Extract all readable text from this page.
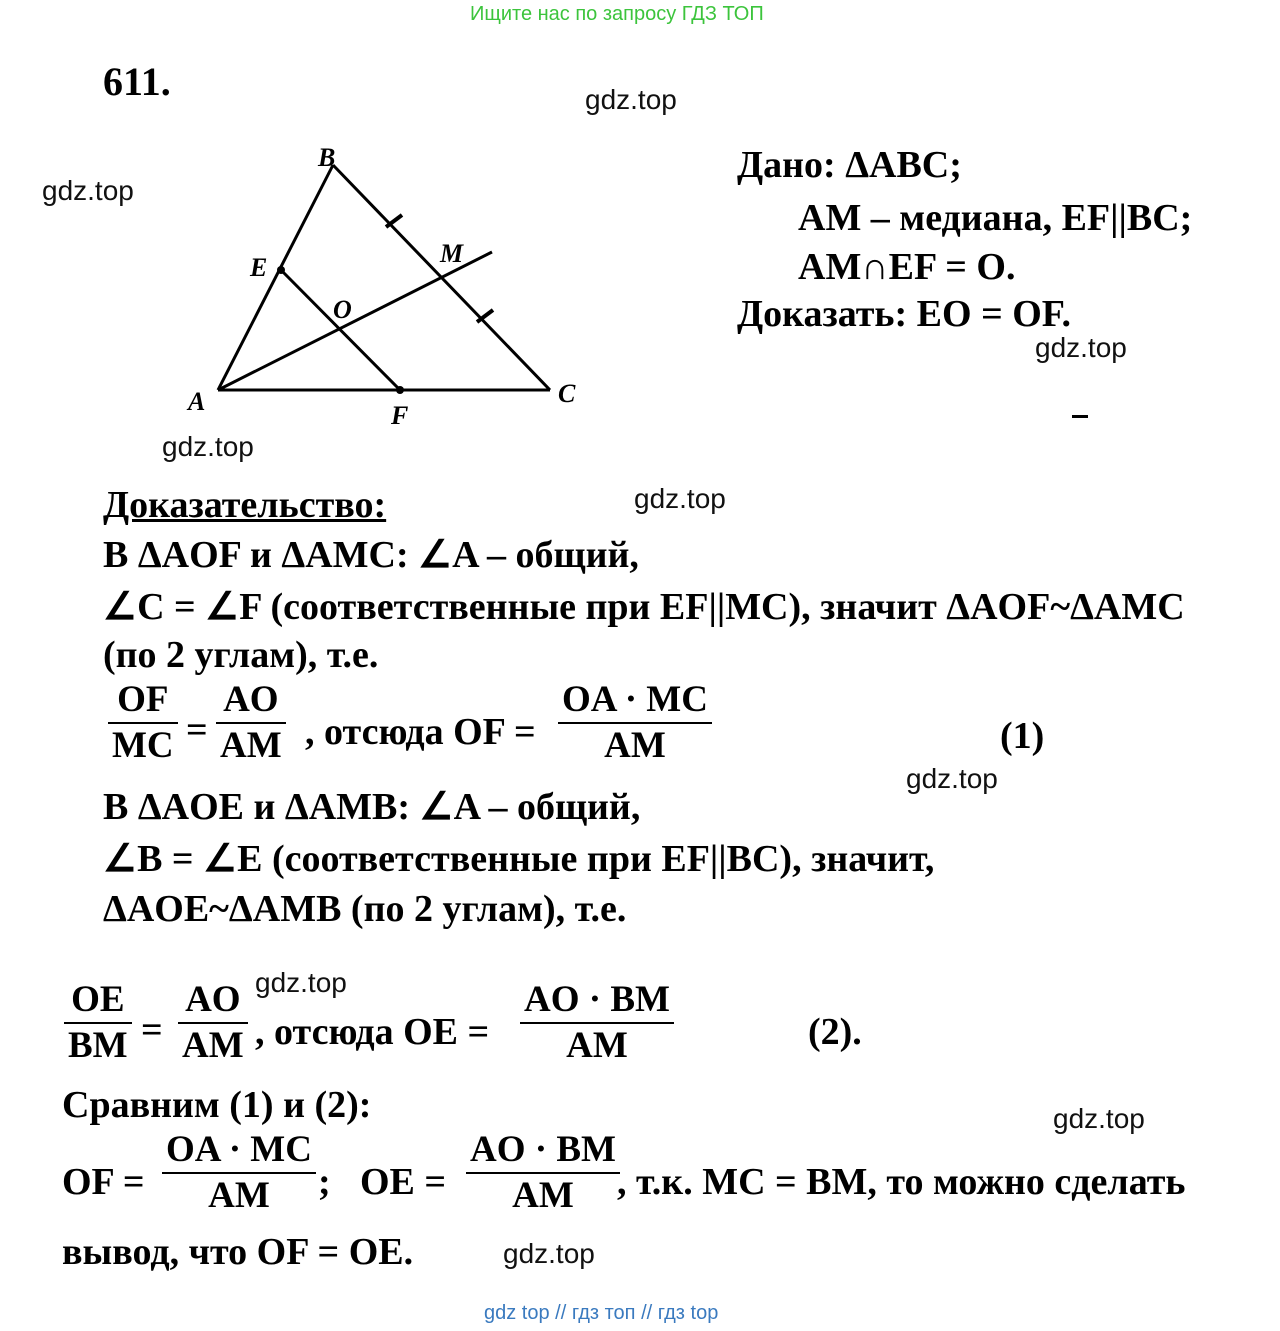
Ищите нас по запросу ГДЗ ТОП
611.	gdz.top
gdz.top
gdz.top
gdz.top
gdz.top
gdz.top
gdz.top
gdz.top
gdz.top
A
B
C
E
F
M
O
Дано: ΔABC;
AM – медиана, EF||BC;
AM∩EF = O.
Доказать: EO = OF.
Доказательство:
В ΔAOF и ΔAMC: ∠A – общий,
∠C = ∠F (соответственные при EF||MC), значит ΔAOF~ΔAMC
(по 2 углам), т.е.
OF
MC =
AO
AM , отсюда OF =
OA · MC
AM	(1)
В ΔAOE и ΔAMB: ∠A – общий,
∠B = ∠E (соответственные при EF||BC), значит,
ΔAOE~ΔAMB (по 2 углам), т.е.
OE
BM =
AO
AM , отсюда OE =
AO · BM
AM	(2).
Сравним (1) и (2):
OF =
OA · MC
AM ; OE =
AO · BM
AM , т.к. MC = BM, то можно сделать
вывод, что OF = OE.
gdz top // гдз топ // гдз top
